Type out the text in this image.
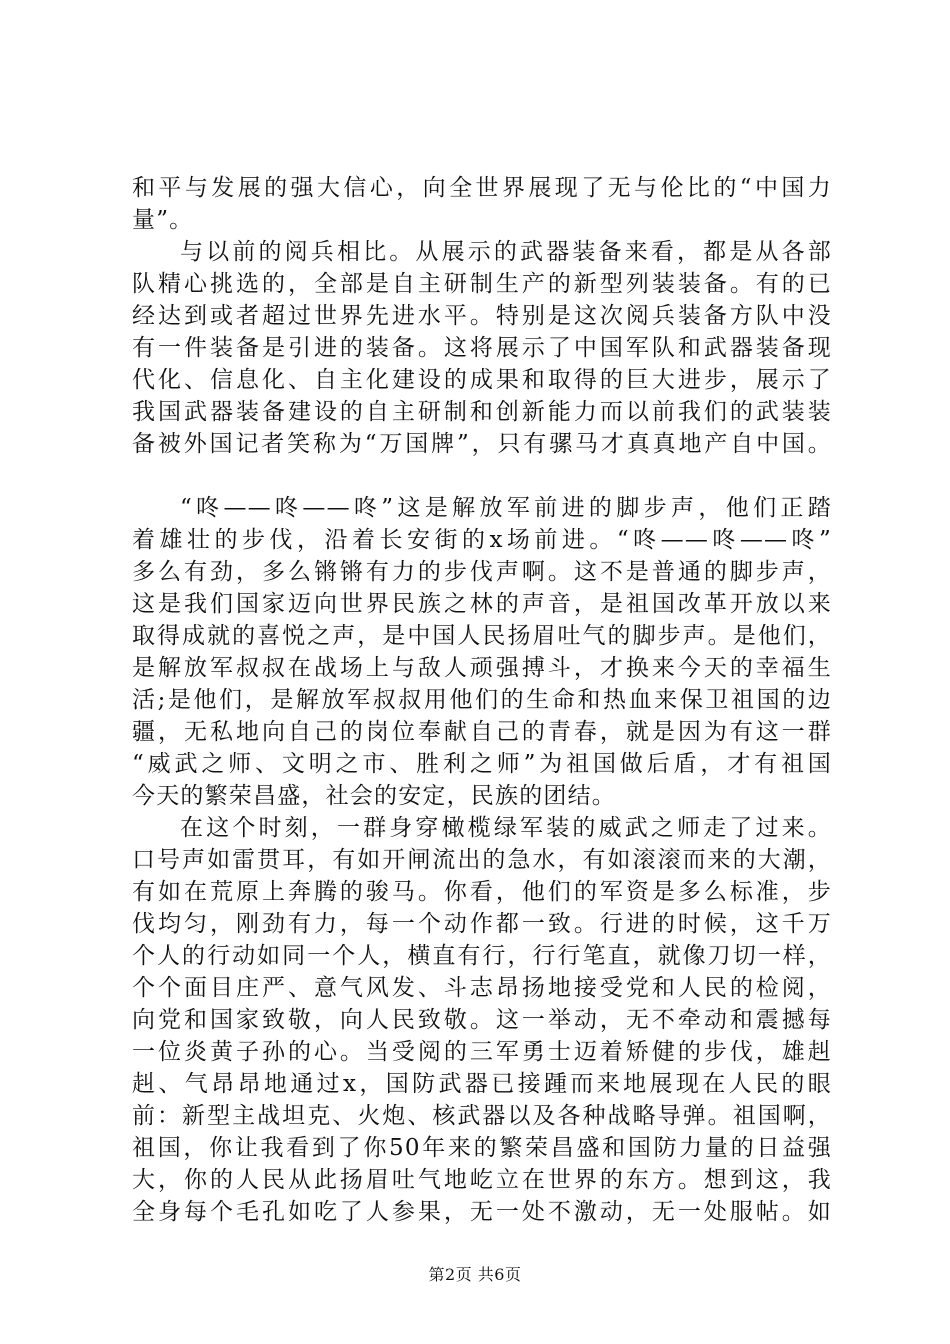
和平与发展的强大信心，向全世界展现了无与伦比的“中国力
量”。
与以前的阅兵相比。从展示的武器装备来看，都是从各部
队精心挑选的，全部是自主研制生产的新型列装装备。有的已
经达到或者超过世界先进水平。特别是这次阅兵装备方队中没
有一件装备是引进的装备。这将展示了中国军队和武器装备现
代化、信息化、自主化建设的成果和取得的巨大进步，展示了
我国武器装备建设的自主研制和创新能力而以前我们的武装装
备被外国记者笑称为“万国牌”，只有骡马才真真地产自中国。
“咚——咚——咚”这是解放军前进的脚步声，他们正踏
着雄壮的步伐，沿着长安街的x场前进。“咚——咚——咚”
多么有劲，多么锵锵有力的步伐声啊。这不是普通的脚步声，
这是我们国家迈向世界民族之林的声音，是祖国改革开放以来
取得成就的喜悦之声，是中国人民扬眉吐气的脚步声。是他们，
是解放军叔叔在战场上与敌人顽强搏斗，才换来今天的幸福生
活;是他们，是解放军叔叔用他们的生命和热血来保卫祖国的边
疆，无私地向自己的岗位奉献自己的青春，就是因为有这一群
“威武之师、文明之市、胜利之师”为祖国做后盾，才有祖国
今天的繁荣昌盛，社会的安定，民族的团结。
在这个时刻，一群身穿橄榄绿军装的威武之师走了过来。
口号声如雷贯耳，有如开闸流出的急水，有如滚滚而来的大潮，
有如在荒原上奔腾的骏马。你看，他们的军资是多么标准，步
伐均匀，刚劲有力，每一个动作都一致。行进的时候，这千万
个人的行动如同一个人，横直有行，行行笔直，就像刀切一样，
个个面目庄严、意气风发、斗志昂扬地接受党和人民的检阅，
向党和国家致敬，向人民致敬。这一举动，无不牵动和震撼每
一位炎黄子孙的心。当受阅的三军勇士迈着矫健的步伐，雄赳
赳、气昂昂地通过x，国防武器已接踵而来地展现在人民的眼
前：新型主战坦克、火炮、核武器以及各种战略导弹。祖国啊，
祖国，你让我看到了你50年来的繁荣昌盛和国防力量的日益强
大，你的人民从此扬眉吐气地屹立在世界的东方。想到这，我
全身每个毛孔如吃了人参果，无一处不激动，无一处服帖。如
第2页 共6页
